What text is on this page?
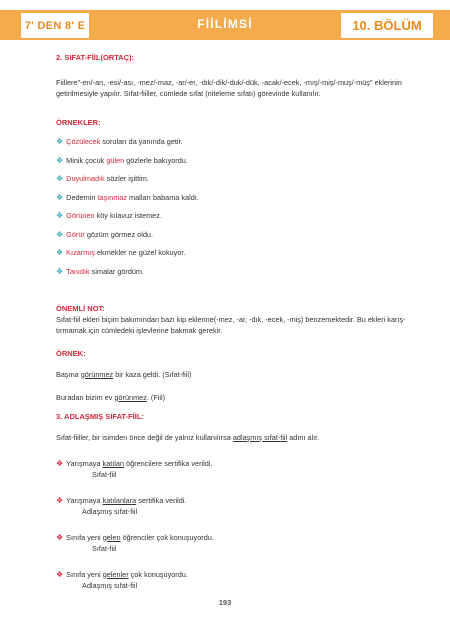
7' DEN 8' E	FİİLİMSİ	10. BÖLÜM

2. SIFAT-FİİL(ORTAÇ):

Fiillere"-en/-an, -esi/-ası, -mez/-maz, -ar/-er, -dık/-dik/-duk/-dük, -acak/-ecek, -mış/-miş/-muş/-müş" eklerinin getirilmesiyle yapılır. Sıfat-fiiller, cümlede sıfat (niteleme sıfatı) görevinde kullanılır.

ÖRNEKLER:

❖ Çözülecek soruları da yanında getir.

❖ Minik çocuk gülen gözlerle bakıyordu.

❖ Duyulmadık sözler işittim.

❖ Dedemin taşınmaz malları babama kaldı.

❖ Görünen köy kılavuz istemez.

❖ Görür gözüm görmez oldu.

❖ Kızarmış ekmekler ne güzel kokuyor.

❖ Tanıdık simalar gördüm.

ÖNEMLİ NOT:

Sıfat-fiil ekleri biçim bakımından bazı kip eklerine(-mez, -ar, -dık, -ecek, -miş) benzemektedir. Bu ekleri karış-tırmamak için cümledeki işlevlerine bakmak gerekir.

ÖRNEK:

Başına görünmez bir kaza geldi. (Sıfat-fiil)

Buradan bizim ev görünmez. (Fiil)

3. ADLAŞMIŞ SIFAT-FİİL:

Sıfat-fiiller, bir isimden önce değil de yalnız kullanılırsa adlaşmış sıfat-fiil adını alır.

❖ Yarışmaya katılan öğrencilere sertifika verildi.

Sıfat-fiil

❖ Yarışmaya katılanlara sertifika verildi.

Adlaşmış sıfat-fiil

❖ Sınıfa yeni gelen öğrenciler çok konuşuyordu.

Sıfat-fiil

❖ Sınıfa yeni gelenler çok konuşuyordu.

Adlaşmış sıfat-fiil

193
